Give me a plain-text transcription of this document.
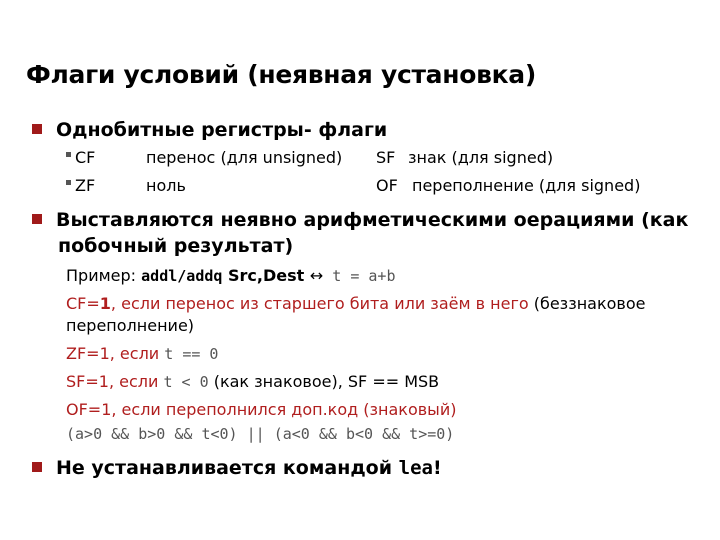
Флаги условий (неявная установка)
Однобитные регистры- флаги
CF	перенос (для unsigned) SF знак (для signed)
ZF	ноль	OF переполнение (для signed)
Выставляются неявно арифметическими оерациями (как
побочный результат)
Пример: addl/addq Src,Dest ↔ t = a+b
CF=1, если перенос из старшего бита или заём в него (беззнаковое
переполнение)
ZF=1, если t == 0
SF=1, если t < 0 (как знаковое), SF == MSB
OF=1, если переполнился доп.код (знаковый)
(a>0 && b>0 && t<0) || (a<0 && b<0 && t>=0)
Не устанавливается командой lea!
